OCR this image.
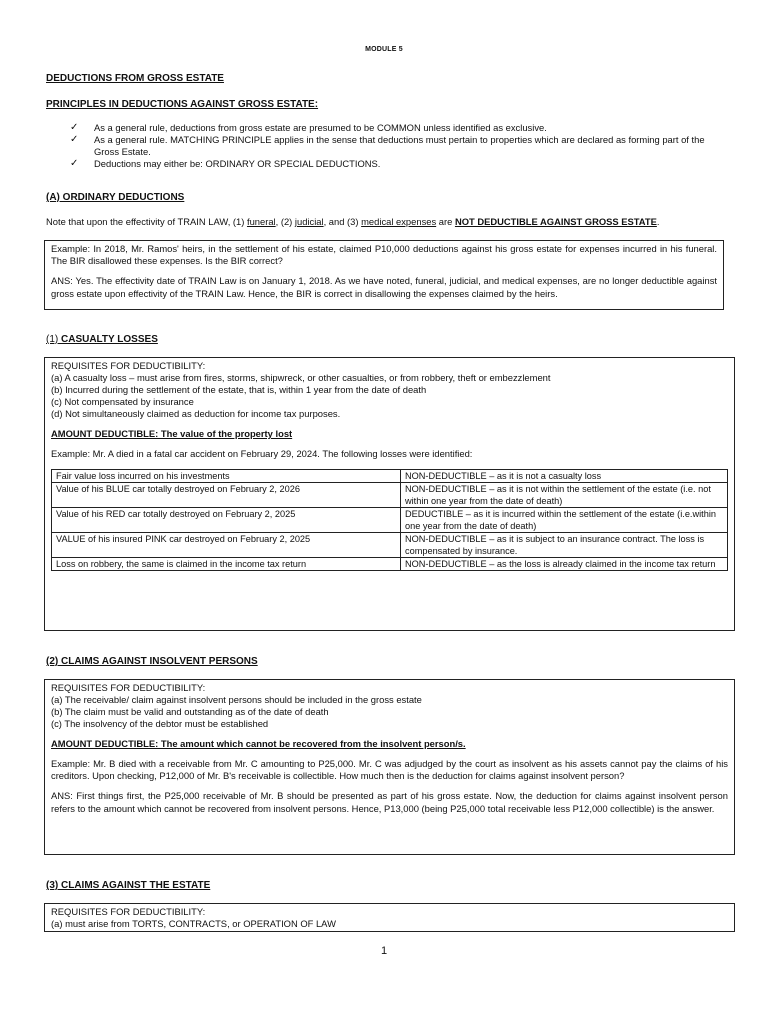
MODULE 5
DEDUCTIONS FROM GROSS ESTATE
PRINCIPLES IN DEDUCTIONS AGAINST GROSS ESTATE:
✓ As a general rule, deductions from gross estate are presumed to be COMMON unless identified as exclusive.
✓ As a general rule. MATCHING PRINCIPLE applies in the sense that deductions must pertain to properties which are declared as forming part of the Gross Estate.
✓ Deductions may either be: ORDINARY OR SPECIAL DEDUCTIONS.
(A) ORDINARY DEDUCTIONS
Note that upon the effectivity of TRAIN LAW, (1) funeral, (2) judicial, and (3) medical expenses are NOT DEDUCTIBLE AGAINST GROSS ESTATE.
Example: In 2018, Mr. Ramos' heirs, in the settlement of his estate, claimed P10,000 deductions against his gross estate for expenses incurred in his funeral. The BIR disallowed these expenses. Is the BIR correct?
ANS: Yes. The effectivity date of TRAIN Law is on January 1, 2018. As we have noted, funeral, judicial, and medical expenses, are no longer deductible against gross estate upon effectivity of the TRAIN Law. Hence, the BIR is correct in disallowing the expenses claimed by the heirs.
(1) CASUALTY LOSSES
REQUISITES FOR DEDUCTIBILITY:
(a) A casualty loss – must arise from fires, storms, shipwreck, or other casualties, or from robbery, theft or embezzlement
(b) Incurred during the settlement of the estate, that is, within 1 year from the date of death
(c) Not compensated by insurance
(d) Not simultaneously claimed as deduction for income tax purposes.
AMOUNT DEDUCTIBLE: The value of the property lost
Example: Mr. A died in a fatal car accident on February 29, 2024. The following losses were identified:
Fair value loss incurred on his investments	NON-DEDUCTIBLE – as it is not a casualty loss
Value of his BLUE car totally destroyed on February 2, 2026	NON-DEDUCTIBLE – as it is not within the settlement of the estate (i.e. not within one year from the date of death)
Value of his RED car totally destroyed on February 2, 2025	DEDUCTIBLE – as it is incurred within the settlement of the estate (i.e.within one year from the date of death)
VALUE of his insured PINK car destroyed on February 2, 2025	NON-DEDUCTIBLE – as it is subject to an insurance contract. The loss is compensated by insurance.
Loss on robbery, the same is claimed in the income tax return	NON-DEDUCTIBLE – as the loss is already claimed in the income tax return
(2) CLAIMS AGAINST INSOLVENT PERSONS
REQUISITES FOR DEDUCTIBILITY:
(a) The receivable/ claim against insolvent persons should be included in the gross estate
(b) The claim must be valid and outstanding as of the date of death
(c) The insolvency of the debtor must be established
AMOUNT DEDUCTIBLE: The amount which cannot be recovered from the insolvent person/s.
Example: Mr. B died with a receivable from Mr. C amounting to P25,000. Mr. C was adjudged by the court as insolvent as his assets cannot pay the claims of his creditors. Upon checking, P12,000 of Mr. B's receivable is collectible. How much then is the deduction for claims against insolvent person?
ANS: First things first, the P25,000 receivable of Mr. B should be presented as part of his gross estate. Now, the deduction for claims against insolvent person refers to the amount which cannot be recovered from insolvent persons. Hence, P13,000 (being P25,000 total receivable less P12,000 collectible) is the answer.
(3) CLAIMS AGAINST THE ESTATE
REQUISITES FOR DEDUCTIBILITY:
(a) must arise from TORTS, CONTRACTS, or OPERATION OF LAW
1
